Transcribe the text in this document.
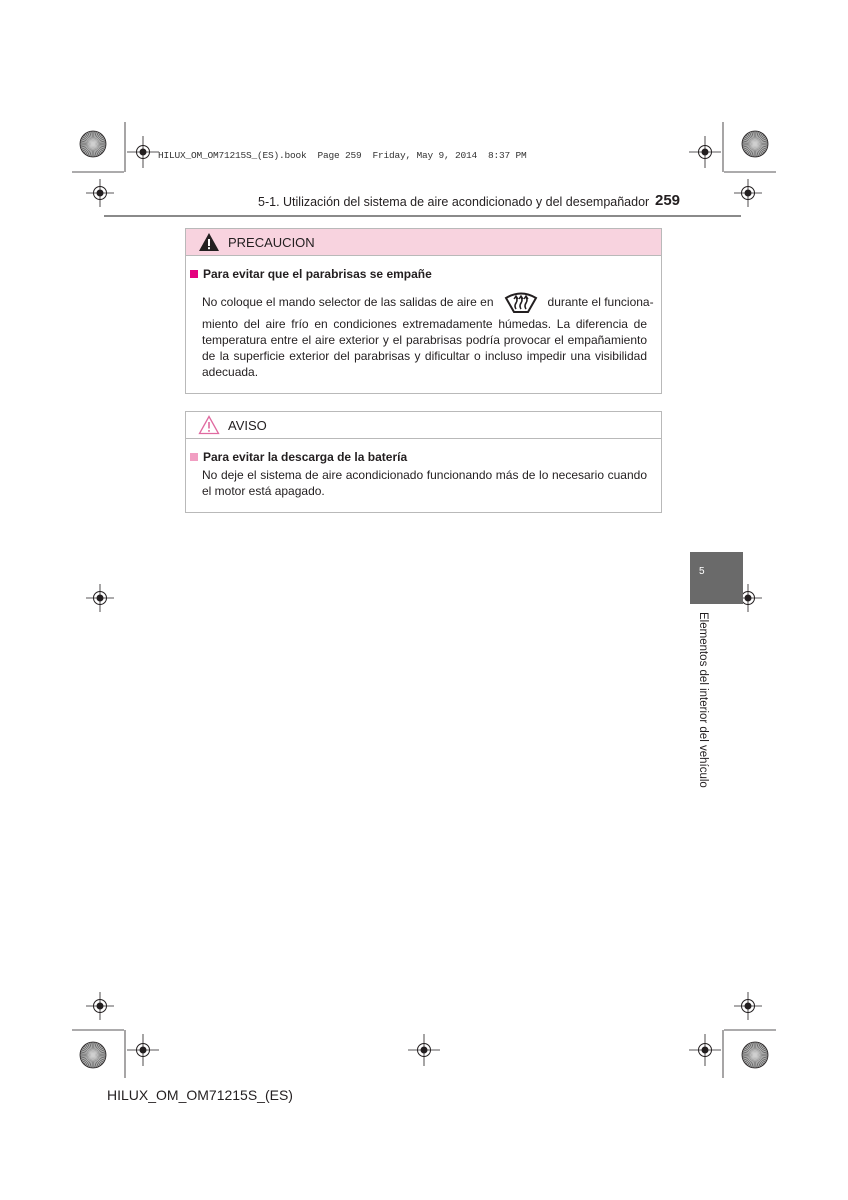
HILUX_OM_OM71215S_(ES).book  Page 259  Friday, May 9, 2014  8:37 PM
5-1. Utilización del sistema de aire acondicionado y del desempañador 259
PRECAUCION
Para evitar que el parabrisas se empañe
No coloque el mando selector de las salidas de aire en	durante el funciona-
miento del aire frío en condiciones extremadamente húmedas. La diferencia de temperatura entre el aire exterior y el parabrisas podría provocar el empañamiento de la superficie exterior del parabrisas y dificultar o incluso impedir una visibilidad adecuada.
AVISO
Para evitar la descarga de la batería
No deje el sistema de aire acondicionado funcionando más de lo necesario cuando el motor está apagado.
5
Elementos del interior del vehículo
HILUX_OM_OM71215S_(ES)
